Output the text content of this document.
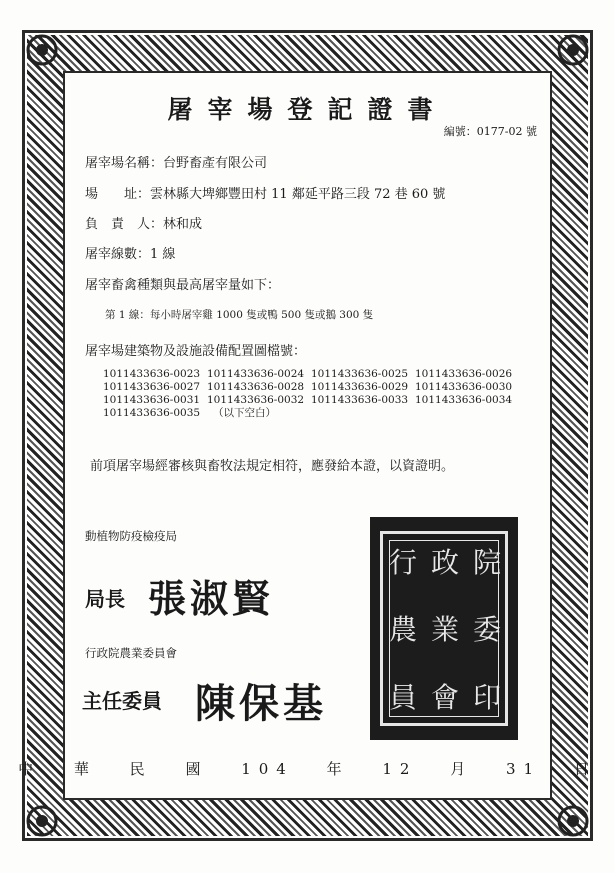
屠宰場登記證書
編號：0177-02 號
屠宰場名稱：台野畜產有限公司
場　　址：雲林縣大埤鄉豐田村 11 鄰延平路三段 72 巷 60 號
負　責　人：林和成
屠宰線數：1 線
屠宰畜禽種類與最高屠宰量如下：
第 1 線：每小時屠宰雞 1000 隻或鴨 500 隻或鵝 300 隻
屠宰場建築物及設施設備配置圖檔號：
1011433636-0023 1011433636-0024 1011433636-0025 1011433636-0026
1011433636-0027 1011433636-0028 1011433636-0029 1011433636-0030
1011433636-0031 1011433636-0032 1011433636-0033 1011433636-0034
1011433636-0035	（以下空白）
前項屠宰場經審核與畜牧法規定相符，應發給本證，以資證明。
動植物防疫檢疫局
局長 張淑賢
行政院農業委員會
主任委員 陳保基
行 政 院
農 業 委
員 會 印
中 華 民 國 104 年 12 月 31 日
